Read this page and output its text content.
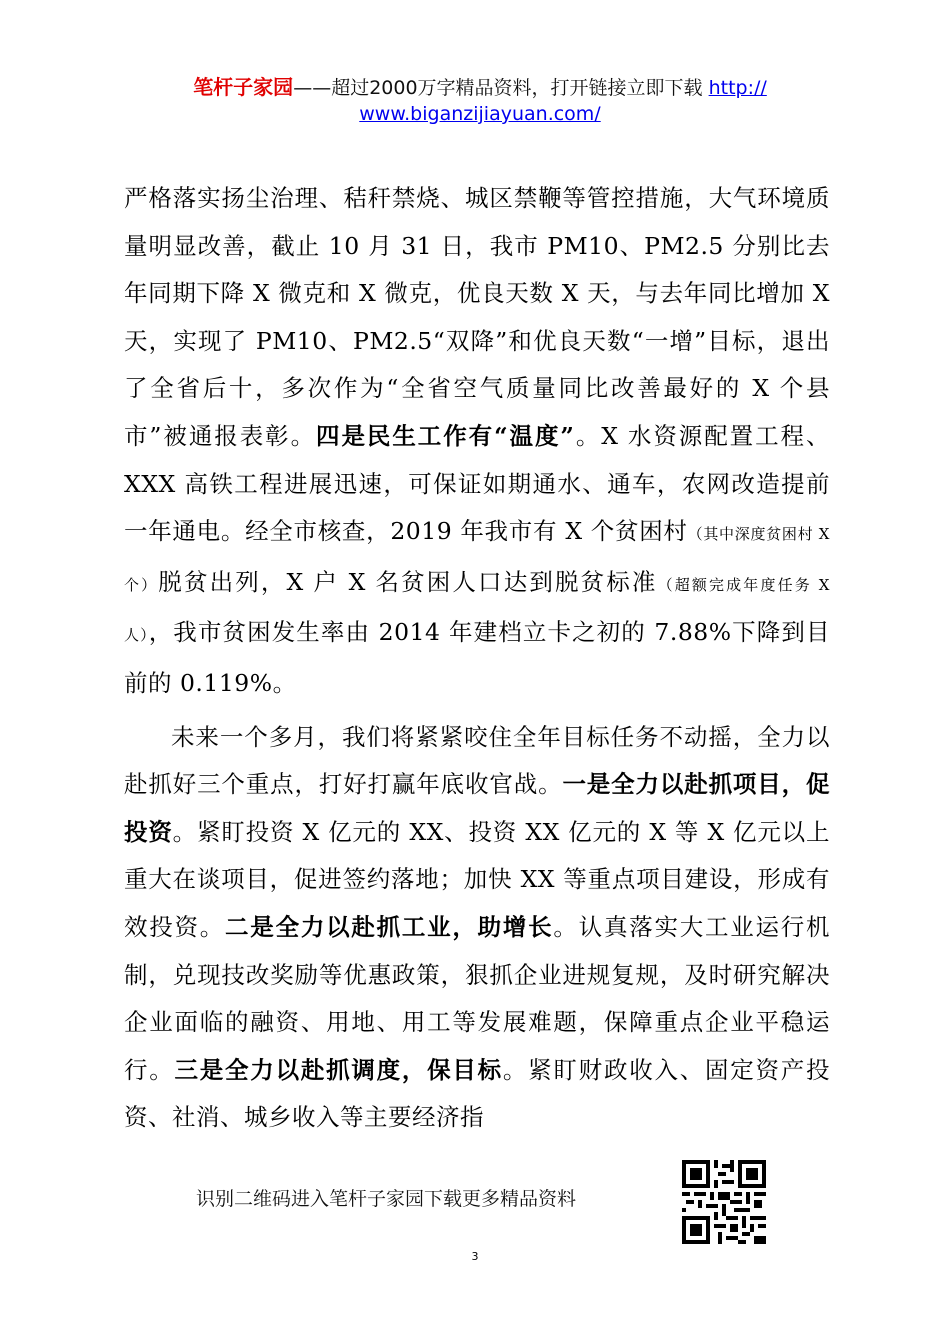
笔杆子家园——超过2000万字精品资料，打开链接立即下载 http://
www.biganzijiayuan.com/

严格落实扬尘治理、秸秆禁烧、城区禁鞭等管控措施，大气环境质量明显改善，截止 10 月 31 日，我市 PM10、PM2.5 分别比去年同期下降 X 微克和 X 微克，优良天数 X 天，与去年同比增加 X 天，实现了 PM10、PM2.5“双降”和优良天数“一增”目标，退出了全省后十，多次作为“全省空气质量同比改善最好的 X 个县市”被通报表彰。四是民生工作有“温度”。X 水资源配置工程、XXX 高铁工程进展迅速，可保证如期通水、通车，农网改造提前一年通电。经全市核查，2019 年我市有 X 个贫困村（其中深度贫困村 X 个）脱贫出列，X 户 X 名贫困人口达到脱贫标准（超额完成年度任务 X 人），我市贫困发生率由 2014 年建档立卡之初的 7.88%下降到目前的 0.119%。

未来一个多月，我们将紧紧咬住全年目标任务不动摇，全力以赴抓好三个重点，打好打赢年底收官战。一是全力以赴抓项目，促投资。紧盯投资 X 亿元的 XX、投资 XX 亿元的 X 等 X 亿元以上重大在谈项目，促进签约落地；加快 XX 等重点项目建设，形成有效投资。二是全力以赴抓工业，助增长。认真落实大工业运行机制，兑现技改奖励等优惠政策，狠抓企业进规复规，及时研究解决企业面临的融资、用地、用工等发展难题，保障重点企业平稳运行。三是全力以赴抓调度，保目标。紧盯财政收入、固定资产投资、社消、城乡收入等主要经济指

识别二维码进入笔杆子家园下载更多精品资料
3
